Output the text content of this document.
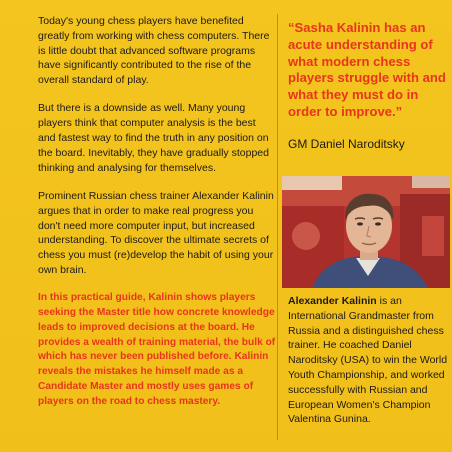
Today's young chess players have benefited greatly from working with chess computers. There is little doubt that advanced software programs have significantly contributed to the rise of the overall standard of play.

But there is a downside as well. Many young players think that computer analysis is the best and fastest way to find the truth in any position on the board. Inevitably, they have gradually stopped thinking and analysing for themselves.

Prominent Russian chess trainer Alexander Kalinin argues that in order to make real progress you don't need more computer input, but increased understanding. To discover the ultimate secrets of chess you must (re)develop the habit of using your own brain.

In this practical guide, Kalinin shows players seeking the Master title how concrete knowledge leads to improved decisions at the board. He provides a wealth of training material, the bulk of which has never been published before. Kalinin reveals the mistakes he himself made as a Candidate Master and mostly uses games of players on the road to chess mastery.

“Sasha Kalinin has an acute understanding of what modern chess players struggle with and what they must do in order to improve.”
GM Daniel Naroditsky
Alexander Kalinin is an International Grandmaster from Russia and a distinguished chess trainer. He coached Daniel Naroditsky (USA) to win the World Youth Championship, and worked successfully with Russian and European Women's Champion Valentina Gunina.
